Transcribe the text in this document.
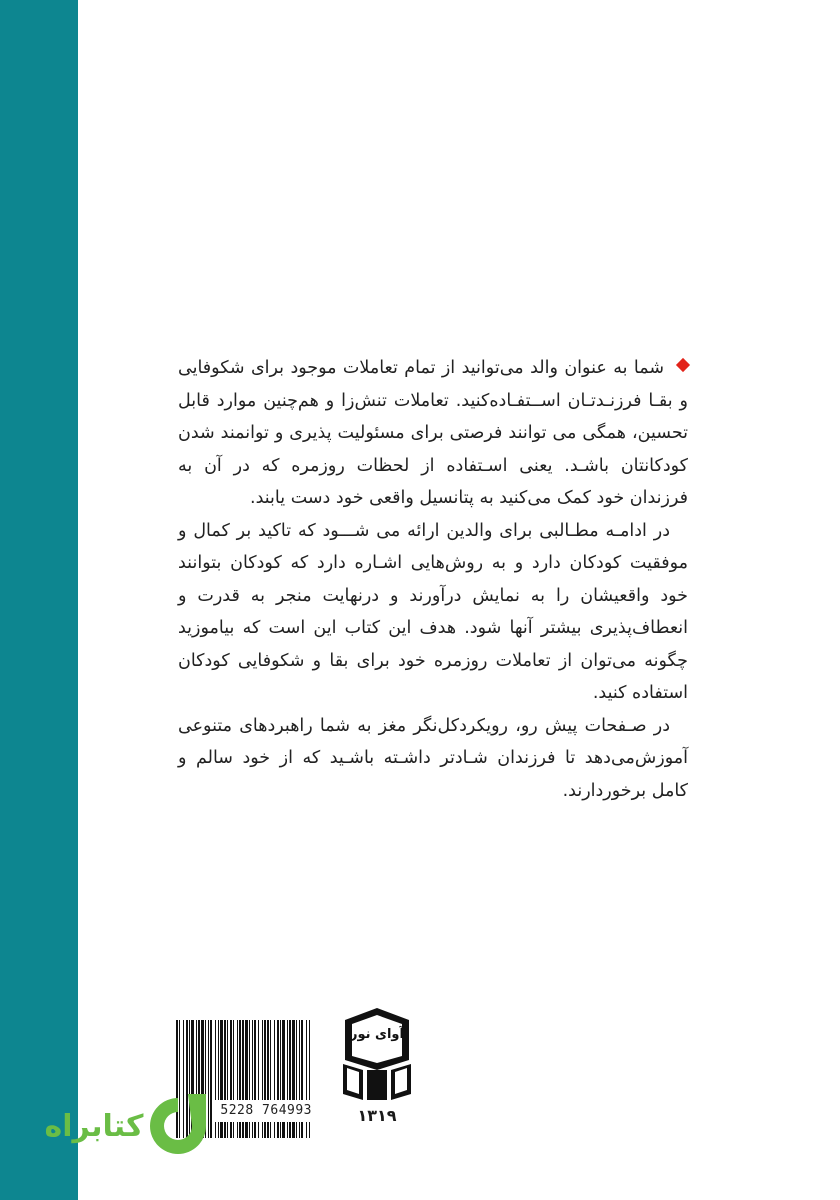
شما به عنوان والد می‌توانید از تمام تعاملات موجود برای شکوفایی و بقـا فرزنـدتـان اســتفـاده‌کنید. تعاملات تنش‌زا و هم‌چنین موارد قابل تحسین، همگی می توانند فرصتی برای مسئولیت پذیری و توانمند شدن کودکانتان باشـد. یعنی اسـتفاده از لحظات روزمره که در آن به فرزندان خود کمک می‌کنید به پتانسیل واقعی خود دست یابند.

در ادامـه مطـالبی برای والدین ارائه می شـــود که تاکید بر کمال و موفقیت کودکان دارد و به روش‌هایی اشـاره دارد که کودکان بتوانند خود واقعیشان را به نمایش درآورند و درنهایت منجر به قدرت و انعطاف‌پذیری بیشتر آنها شود. هدف این کتاب این است که بیاموزید چگونه می‌توان از تعاملات روزمره خود برای بقا و شکوفایی کودکان استفاده کنید.

در صـفحات پیش رو، رویکردکل‌نگر مغز به شما راهبردهای متنوعی آموزش‌می‌دهد تا فرزندان شـادتر داشـته باشـید که از خود سالم و کامل برخوردارند.

5228 764993
آوای نور
۱۳۱۹
کتابراه
